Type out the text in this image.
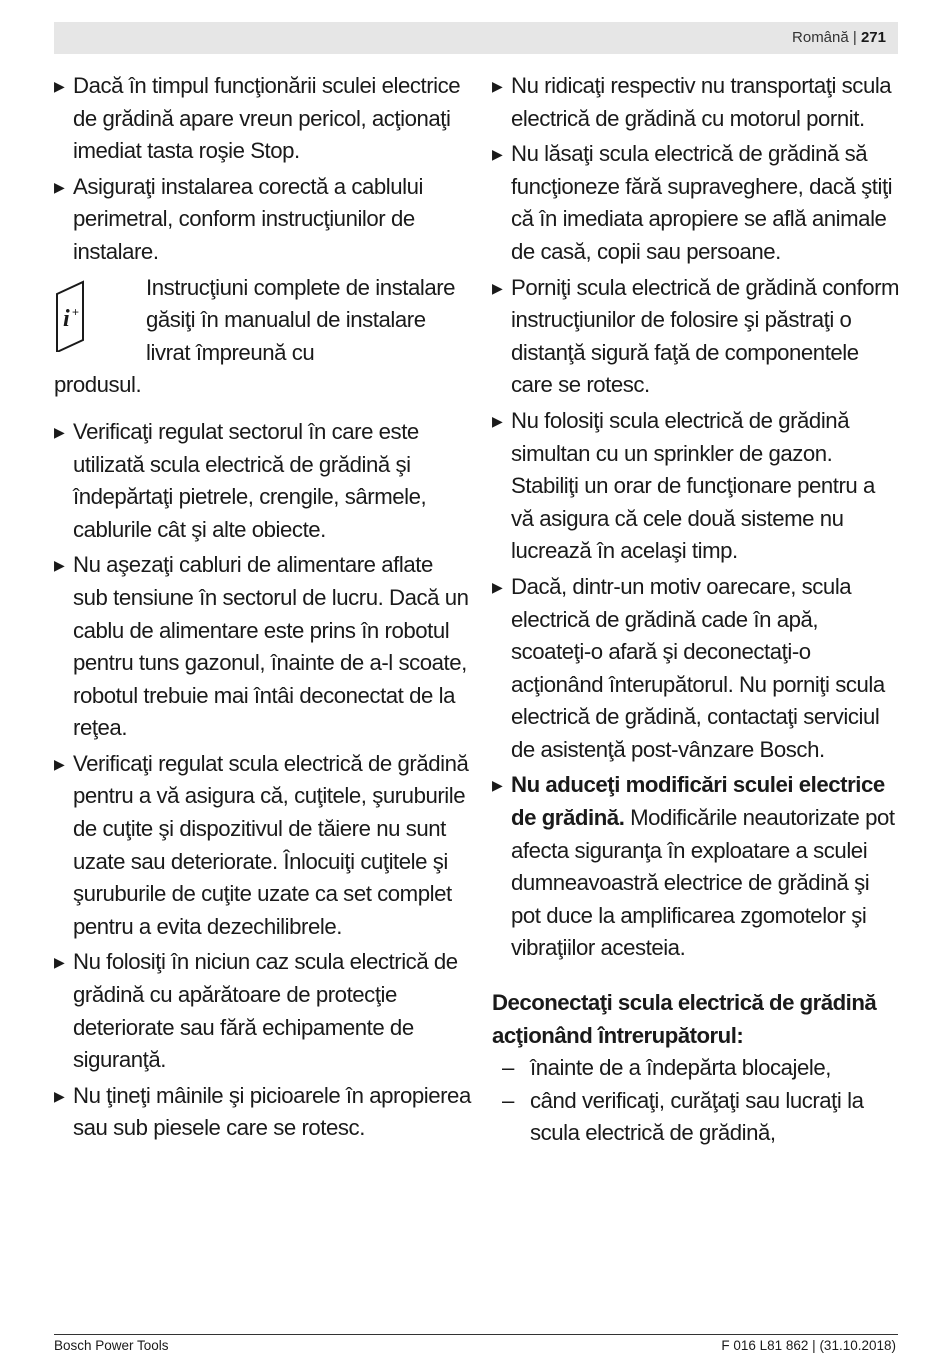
Română | 271
▶ Dacă în timpul funcţionării sculei electrice de grădină apare vreun pericol, acţionaţi imediat tasta roşie Stop.
▶ Asiguraţi instalarea corectă a cablului perimetral, conform instrucţiunilor de instalare.
i +
Instrucţiuni complete de instalare găsiţi în manualul de instalare livrat împreună cu
produsul.
▶ Verificaţi regulat sectorul în care este utilizată scula electrică de grădină şi îndepărtaţi pietrele, crengile, sârmele, cablurile cât şi alte obiecte.
▶ Nu aşezaţi cabluri de alimentare aflate sub tensiune în sectorul de lucru. Dacă un cablu de alimentare este prins în robotul pentru tuns gazonul, înainte de a-l scoate, robotul trebuie mai întâi deconectat de la reţea.
▶ Verificaţi regulat scula electrică de grădină pentru a vă asigura că, cuţitele, şuruburile de cuţite şi dispozitivul de tăiere nu sunt uzate sau deteriorate. Înlocuiţi cuţitele şi şuruburile de cuţite uzate ca set complet pentru a evita dezechilibrele.
▶ Nu folosiţi în niciun caz scula electrică de grădină cu apărătoare de protecţie deteriorate sau fără echipamente de siguranţă.
▶ Nu ţineţi mâinile şi picioarele în apropierea sau sub piesele care se rotesc.
▶ Nu ridicaţi respectiv nu transportaţi scula electrică de grădină cu motorul pornit.
▶ Nu lăsaţi scula electrică de grădină să funcţioneze fără supraveghere, dacă ştiţi că în imediata apropiere se află animale de casă, copii sau persoane.
▶ Porniţi scula electrică de grădină conform instrucţiunilor de folosire şi păstraţi o distanţă sigură faţă de componentele care se rotesc.
▶ Nu folosiţi scula electrică de grădină simultan cu un sprinkler de gazon. Stabiliţi un orar de funcţionare pentru a vă asigura că cele două sisteme nu lucrează în acelaşi timp.
▶ Dacă, dintr-un motiv oarecare, scula electrică de grădină cade în apă, scoateţi-o afară şi deconectaţi-o acţionând înterupătorul. Nu porniţi scula electrică de grădină, contactaţi serviciul de asistenţă post-vânzare Bosch.
▶ Nu aduceţi modificări sculei electrice de grădină. Modificările neautorizate pot afecta siguranţa în exploatare a sculei dumneavoastră electrice de grădină şi pot duce la amplificarea zgomotelor şi vibraţiilor acesteia.
Deconectaţi scula electrică de grădină acţionând întrerupătorul:
– înainte de a îndepărta blocajele,
– când verificaţi, curăţaţi sau lucraţi la scula electrică de grădină,
Bosch Power Tools	F 016 L81 862 | (31.10.2018)
